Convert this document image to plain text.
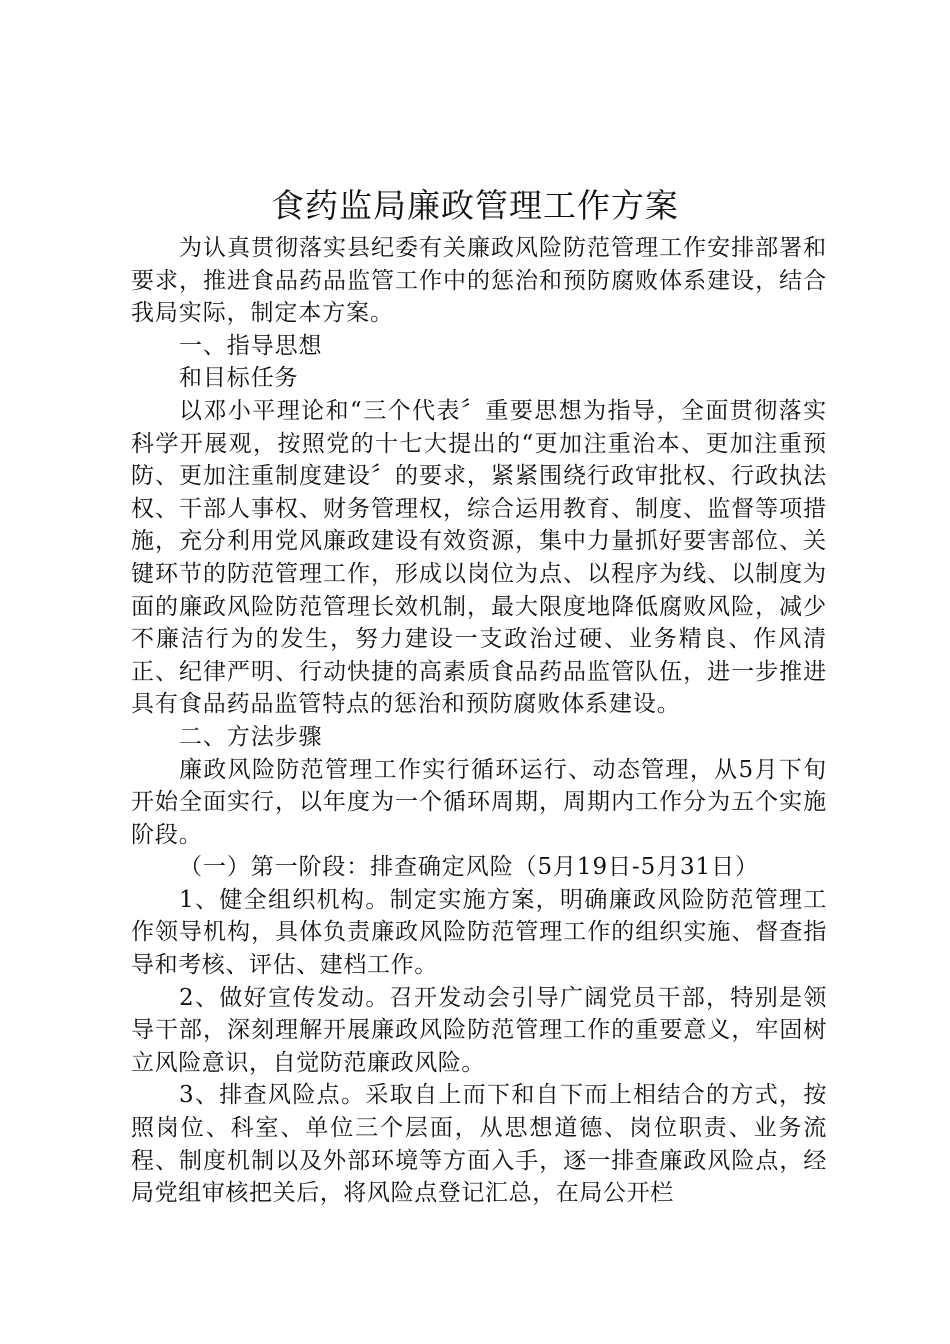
食药监局廉政管理工作方案

为认真贯彻落实县纪委有关廉政风险防范管理工作安排部署和要求，推进食品药品监管工作中的惩治和预防腐败体系建设，结合我局实际，制定本方案。

一、指导思想

和目标任务

以邓小平理论和“三个代表〞重要思想为指导，全面贯彻落实科学开展观，按照党的十七大提出的“更加注重治本、更加注重预防、更加注重制度建设〞的要求，紧紧围绕行政审批权、行政执法权、干部人事权、财务管理权，综合运用教育、制度、监督等项措施，充分利用党风廉政建设有效资源，集中力量抓好要害部位、关键环节的防范管理工作，形成以岗位为点、以程序为线、以制度为面的廉政风险防范管理长效机制，最大限度地降低腐败风险，减少不廉洁行为的发生，努力建设一支政治过硬、业务精良、作风清正、纪律严明、行动快捷的高素质食品药品监管队伍，进一步推进具有食品药品监管特点的惩治和预防腐败体系建设。

二、方法步骤

廉政风险防范管理工作实行循环运行、动态管理，从5月下旬开始全面实行，以年度为一个循环周期，周期内工作分为五个实施阶段。

（一）第一阶段：排查确定风险（5月19日-5月31日）

1、健全组织机构。制定实施方案，明确廉政风险防范管理工作领导机构，具体负责廉政风险防范管理工作的组织实施、督查指导和考核、评估、建档工作。

2、做好宣传发动。召开发动会引导广阔党员干部，特别是领导干部，深刻理解开展廉政风险防范管理工作的重要意义，牢固树立风险意识，自觉防范廉政风险。

3、排查风险点。采取自上而下和自下而上相结合的方式，按照岗位、科室、单位三个层面，从思想道德、岗位职责、业务流程、制度机制以及外部环境等方面入手，逐一排查廉政风险点，经局党组审核把关后，将风险点登记汇总，在局公开栏
